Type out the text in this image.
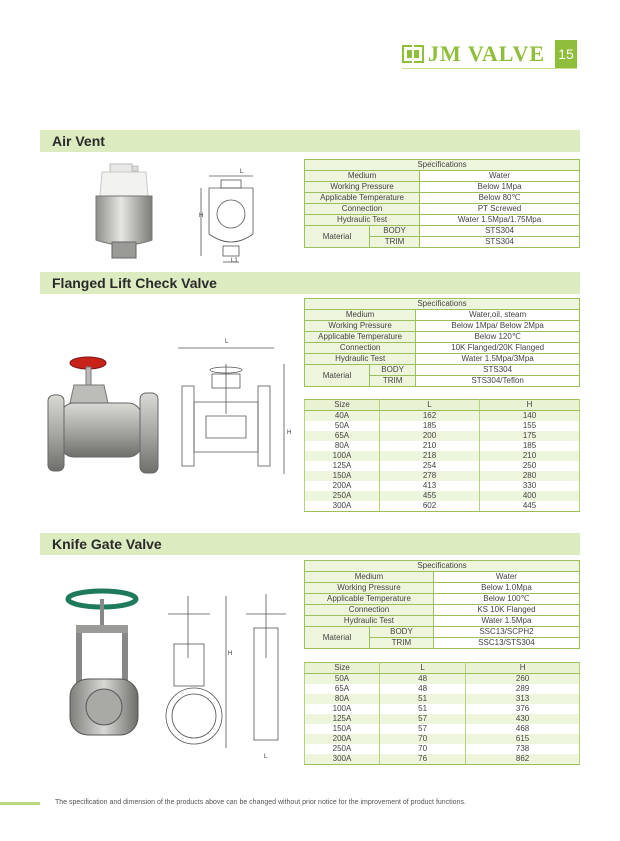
JM VALVE 15
Air Vent
L
H
L1
Specifications		
Medium		Water
Working Pressure		Below 1Mpa
Applicable Temperature		Below 80℃
Connection		PT Screwed
Hydraulic Test		Water 1.5Mpa/1.75Mpa
Material	BODY	STS304
	TRIM	STS304
Flanged Lift Check Valve
L
H
Specifications		
Medium		Water,oil, steam
Working Pressure		Below 1Mpa/ Below 2Mpa
Applicable Temperature		Below 120℃
Connection		10K Flanged/20K Flanged
Hydraulic Test		Water 1.5Mpa/3Mpa
Material	BODY	STS304
	TRIM	STS304/Teflon
Size	L	H
40A	162	140
50A	185	155
65A	200	175
80A	210	185
100A	218	210
125A	254	250
150A	278	280
200A	413	330
250A	455	400
300A	602	445
Knife Gate Valve
H
L
Specifications		
Medium		Water
Working Pressure		Below 1.0Mpa
Applicable Temperature		Below 100℃
Connection		KS 10K Flanged
Hydraulic Test		Water 1.5Mpa
Material	BODY	SSC13/SCPH2
	TRIM	SSC13/STS304
Size	L	H
50A	48	260
65A	48	289
80A	51	313
100A	51	376
125A	57	430
150A	57	468
200A	70	615
250A	70	738
300A	76	862
The specification and dimension of the products above can be changed without prior notice for the improvement of product functions.
